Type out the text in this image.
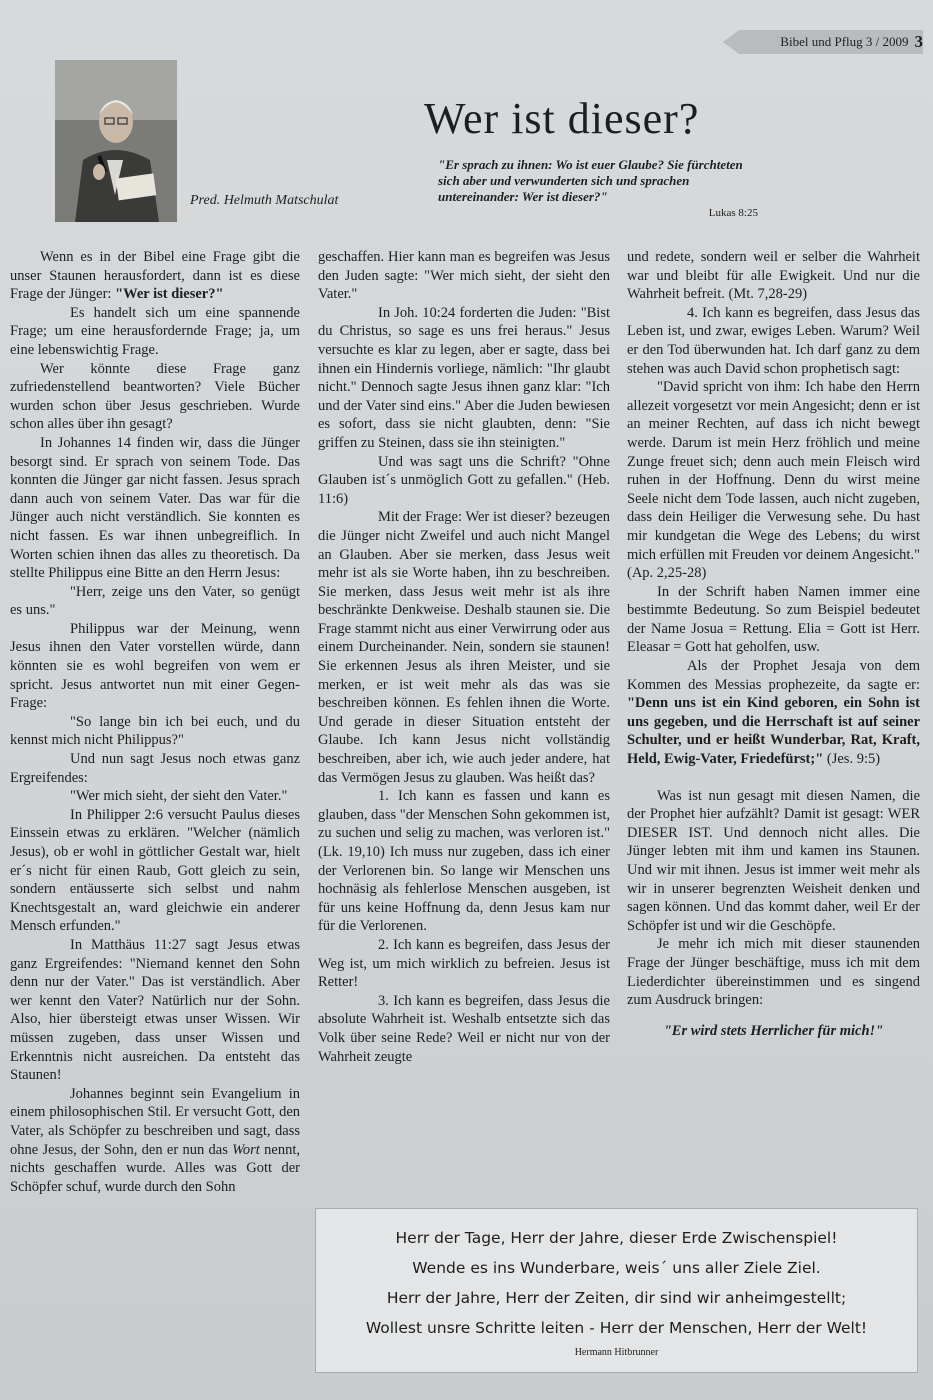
Bibel und Pflug 3 / 2009 3
Pred. Helmuth Matschulat
Wer ist dieser?
"Er sprach zu ihnen: Wo ist euer Glaube? Sie fürchteten sich aber und verwunderten sich und sprachen untereinander: Wer ist dieser?"
Lukas 8:25

Wenn es in der Bibel eine Frage gibt die unser Staunen herausfordert, dann ist es diese Frage der Jünger: "Wer ist dieser?"

Es handelt sich um eine spannende Frage; um eine herausfordernde Frage; ja, um eine lebenswichtig Frage.

Wer könnte diese Frage ganz zufriedenstellend beantworten? Viele Bücher wurden schon über Jesus geschrieben. Wurde schon alles über ihn gesagt?

In Johannes 14 finden wir, dass die Jünger besorgt sind. Er sprach von seinem Tode. Das konnten die Jünger gar nicht fassen. Jesus sprach dann auch von seinem Vater. Das war für die Jünger auch nicht verständlich. Sie konnten es nicht fassen. Es war ihnen unbegreiflich. In Worten schien ihnen das alles zu theoretisch. Da stellte Philippus eine Bitte an den Herrn Jesus:

"Herr, zeige uns den Vater, so genügt es uns."

Philippus war der Meinung, wenn Jesus ihnen den Vater vorstellen würde, dann könnten sie es wohl begreifen von wem er spricht. Jesus antwortet nun mit einer Gegen-Frage:

"So lange bin ich bei euch, und du kennst mich nicht Philippus?"

Und nun sagt Jesus noch etwas ganz Ergreifendes:

"Wer mich sieht, der sieht den Vater."

In Philipper 2:6 versucht Paulus dieses Einssein etwas zu erklären. "Welcher (nämlich Jesus), ob er wohl in göttlicher Gestalt war, hielt er´s nicht für einen Raub, Gott gleich zu sein, sondern entäusserte sich selbst und nahm Knechtsgestalt an, ward gleichwie ein anderer Mensch erfunden."

In Matthäus 11:27 sagt Jesus etwas ganz Ergreifendes: "Niemand kennet den Sohn denn nur der Vater." Das ist verständlich. Aber wer kennt den Vater? Natürlich nur der Sohn. Also, hier übersteigt etwas unser Wissen. Wir müssen zugeben, dass unser Wissen und Erkenntnis nicht ausreichen. Da entsteht das Staunen!

Johannes beginnt sein Evangelium in einem philosophischen Stil. Er versucht Gott, den Vater, als Schöpfer zu beschreiben und sagt, dass ohne Jesus, der Sohn, den er nun das Wort nennt, nichts geschaffen wurde. Alles was Gott der Schöpfer schuf, wurde durch den Sohn

geschaffen. Hier kann man es begreifen was Jesus den Juden sagte: "Wer mich sieht, der sieht den Vater."

In Joh. 10:24 forderten die Juden: "Bist du Christus, so sage es uns frei heraus." Jesus versuchte es klar zu legen, aber er sagte, dass bei ihnen ein Hindernis vorliege, nämlich: "Ihr glaubt nicht." Dennoch sagte Jesus ihnen ganz klar: "Ich und der Vater sind eins." Aber die Juden bewiesen es sofort, dass sie nicht glaubten, denn: "Sie griffen zu Steinen, dass sie ihn steinigten."

Und was sagt uns die Schrift? "Ohne Glauben ist´s unmöglich Gott zu gefallen." (Heb. 11:6)

Mit der Frage: Wer ist dieser? bezeugen die Jünger nicht Zweifel und auch nicht Mangel an Glauben. Aber sie merken, dass Jesus weit mehr ist als sie Worte haben, ihn zu beschreiben. Sie merken, dass Jesus weit mehr ist als ihre beschränkte Denkweise. Deshalb staunen sie. Die Frage stammt nicht aus einer Verwirrung oder aus einem Durcheinander. Nein, sondern sie staunen! Sie erkennen Jesus als ihren Meister, und sie merken, er ist weit mehr als das was sie beschreiben können. Es fehlen ihnen die Worte. Und gerade in dieser Situation entsteht der Glaube. Ich kann Jesus nicht vollständig beschreiben, aber ich, wie auch jeder andere, hat das Vermögen Jesus zu glauben. Was heißt das?

1. Ich kann es fassen und kann es glauben, dass "der Menschen Sohn gekommen ist, zu suchen und selig zu machen, was verloren ist." (Lk. 19,10) Ich muss nur zugeben, dass ich einer der Verlorenen bin. So lange wir Menschen uns hochnäsig als fehlerlose Menschen ausgeben, ist für uns keine Hoffnung da, denn Jesus kam nur für die Verlorenen.

2. Ich kann es begreifen, dass Jesus der Weg ist, um mich wirklich zu befreien. Jesus ist Retter!

3. Ich kann es begreifen, dass Jesus die absolute Wahrheit ist. Weshalb entsetzte sich das Volk über seine Rede? Weil er nicht nur von der Wahrheit zeugte

und redete, sondern weil er selber die Wahrheit war und bleibt für alle Ewigkeit. Und nur die Wahrheit befreit. (Mt. 7,28-29)

4. Ich kann es begreifen, dass Jesus das Leben ist, und zwar, ewiges Leben. Warum? Weil er den Tod überwunden hat. Ich darf ganz zu dem stehen was auch David schon prophetisch sagt:

"David spricht von ihm: Ich habe den Herrn allezeit vorgesetzt vor mein Angesicht; denn er ist an meiner Rechten, auf dass ich nicht bewegt werde. Darum ist mein Herz fröhlich und meine Zunge freuet sich; denn auch mein Fleisch wird ruhen in der Hoffnung. Denn du wirst meine Seele nicht dem Tode lassen, auch nicht zugeben, dass dein Heiliger die Verwesung sehe. Du hast mir kundgetan die Wege des Lebens; du wirst mich erfüllen mit Freuden vor deinem Angesicht." (Ap. 2,25-28)

In der Schrift haben Namen immer eine bestimmte Bedeutung. So zum Beispiel bedeutet der Name Josua = Rettung. Elia = Gott ist Herr. Eleasar = Gott hat geholfen, usw.

Als der Prophet Jesaja von dem Kommen des Messias prophezeite, da sagte er: "Denn uns ist ein Kind geboren, ein Sohn ist uns gegeben, und die Herrschaft ist auf seiner Schulter, und er heißt Wunderbar, Rat, Kraft, Held, Ewig-Vater, Friedefürst;" (Jes. 9:5)

Was ist nun gesagt mit diesen Namen, die der Prophet hier aufzählt? Damit ist gesagt: WER DIESER IST. Und dennoch nicht alles. Die Jünger lebten mit ihm und kamen ins Staunen. Und wir mit ihnen. Jesus ist immer weit mehr als wir in unserer begrenzten Weisheit denken und sagen können. Und das kommt daher, weil Er der Schöpfer ist und wir die Geschöpfe.

Je mehr ich mich mit dieser staunenden Frage der Jünger beschäftige, muss ich mit dem Liederdichter übereinstimmen und es singend zum Ausdruck bringen:

"Er wird stets Herrlicher für mich!"

Herr der Tage, Herr der Jahre, dieser Erde Zwischenspiel!
Wende es ins Wunderbare, weis´ uns aller Ziele Ziel.
Herr der Jahre, Herr der Zeiten, dir sind wir anheimgestellt;
Wollest unsre Schritte leiten - Herr der Menschen, Herr der Welt!
Hermann Hitbrunner
